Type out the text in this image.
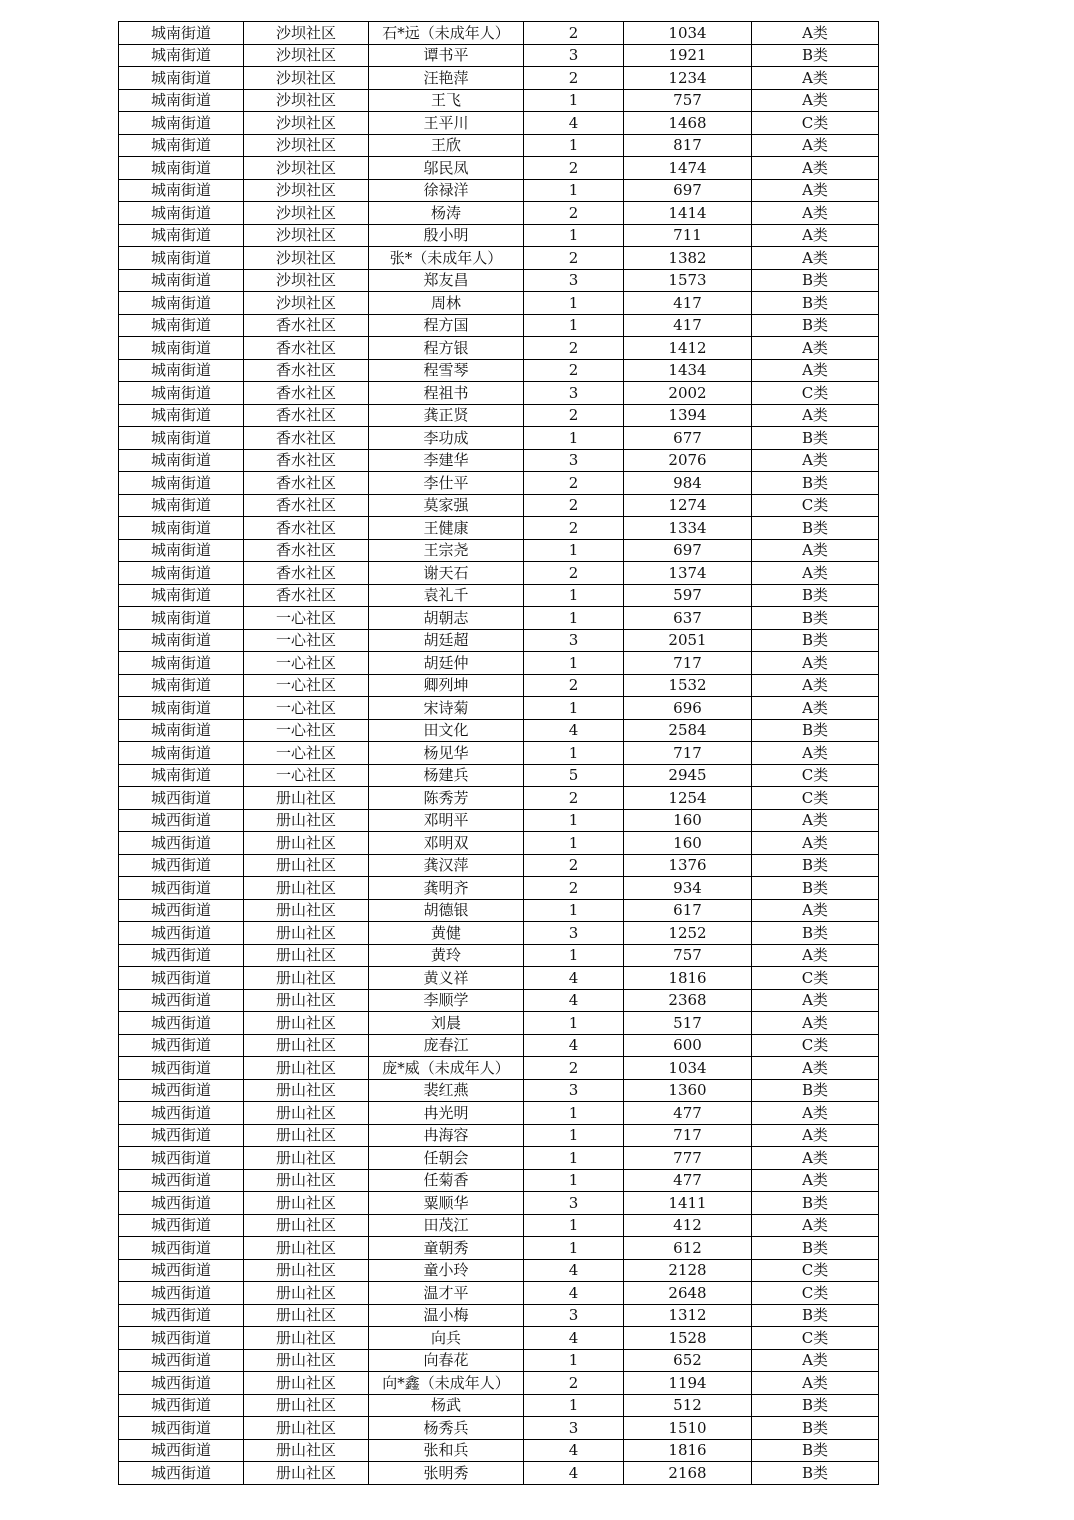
城南街道	沙坝社区	石*远（未成年人）	2	1034	A类
城南街道	沙坝社区	谭书平	3	1921	B类
城南街道	沙坝社区	汪艳萍	2	1234	A类
城南街道	沙坝社区	王飞	1	757	A类
城南街道	沙坝社区	王平川	4	1468	C类
城南街道	沙坝社区	王欣	1	817	A类
城南街道	沙坝社区	邬民凤	2	1474	A类
城南街道	沙坝社区	徐禄洋	1	697	A类
城南街道	沙坝社区	杨涛	2	1414	A类
城南街道	沙坝社区	殷小明	1	711	A类
城南街道	沙坝社区	张*（未成年人）	2	1382	A类
城南街道	沙坝社区	郑友昌	3	1573	B类
城南街道	沙坝社区	周林	1	417	B类
城南街道	香水社区	程方国	1	417	B类
城南街道	香水社区	程方银	2	1412	A类
城南街道	香水社区	程雪琴	2	1434	A类
城南街道	香水社区	程祖书	3	2002	C类
城南街道	香水社区	龚正贤	2	1394	A类
城南街道	香水社区	李功成	1	677	B类
城南街道	香水社区	李建华	3	2076	A类
城南街道	香水社区	李仕平	2	984	B类
城南街道	香水社区	莫家强	2	1274	C类
城南街道	香水社区	王健康	2	1334	B类
城南街道	香水社区	王宗尧	1	697	A类
城南街道	香水社区	谢天石	2	1374	A类
城南街道	香水社区	袁礼千	1	597	B类
城南街道	一心社区	胡朝志	1	637	B类
城南街道	一心社区	胡廷超	3	2051	B类
城南街道	一心社区	胡廷仲	1	717	A类
城南街道	一心社区	卿列坤	2	1532	A类
城南街道	一心社区	宋诗菊	1	696	A类
城南街道	一心社区	田文化	4	2584	B类
城南街道	一心社区	杨见华	1	717	A类
城南街道	一心社区	杨建兵	5	2945	C类
城西街道	册山社区	陈秀芳	2	1254	C类
城西街道	册山社区	邓明平	1	160	A类
城西街道	册山社区	邓明双	1	160	A类
城西街道	册山社区	龚汉萍	2	1376	B类
城西街道	册山社区	龚明齐	2	934	B类
城西街道	册山社区	胡德银	1	617	A类
城西街道	册山社区	黄健	3	1252	B类
城西街道	册山社区	黄玲	1	757	A类
城西街道	册山社区	黄义祥	4	1816	C类
城西街道	册山社区	李顺学	4	2368	A类
城西街道	册山社区	刘晨	1	517	A类
城西街道	册山社区	庞春江	4	600	C类
城西街道	册山社区	庞*威（未成年人）	2	1034	A类
城西街道	册山社区	裴红燕	3	1360	B类
城西街道	册山社区	冉光明	1	477	A类
城西街道	册山社区	冉海容	1	717	A类
城西街道	册山社区	任朝会	1	777	A类
城西街道	册山社区	任菊香	1	477	A类
城西街道	册山社区	粟顺华	3	1411	B类
城西街道	册山社区	田茂江	1	412	A类
城西街道	册山社区	童朝秀	1	612	B类
城西街道	册山社区	童小玲	4	2128	C类
城西街道	册山社区	温才平	4	2648	C类
城西街道	册山社区	温小梅	3	1312	B类
城西街道	册山社区	向兵	4	1528	C类
城西街道	册山社区	向春花	1	652	A类
城西街道	册山社区	向*鑫（未成年人）	2	1194	A类
城西街道	册山社区	杨武	1	512	B类
城西街道	册山社区	杨秀兵	3	1510	B类
城西街道	册山社区	张和兵	4	1816	B类
城西街道	册山社区	张明秀	4	2168	B类
